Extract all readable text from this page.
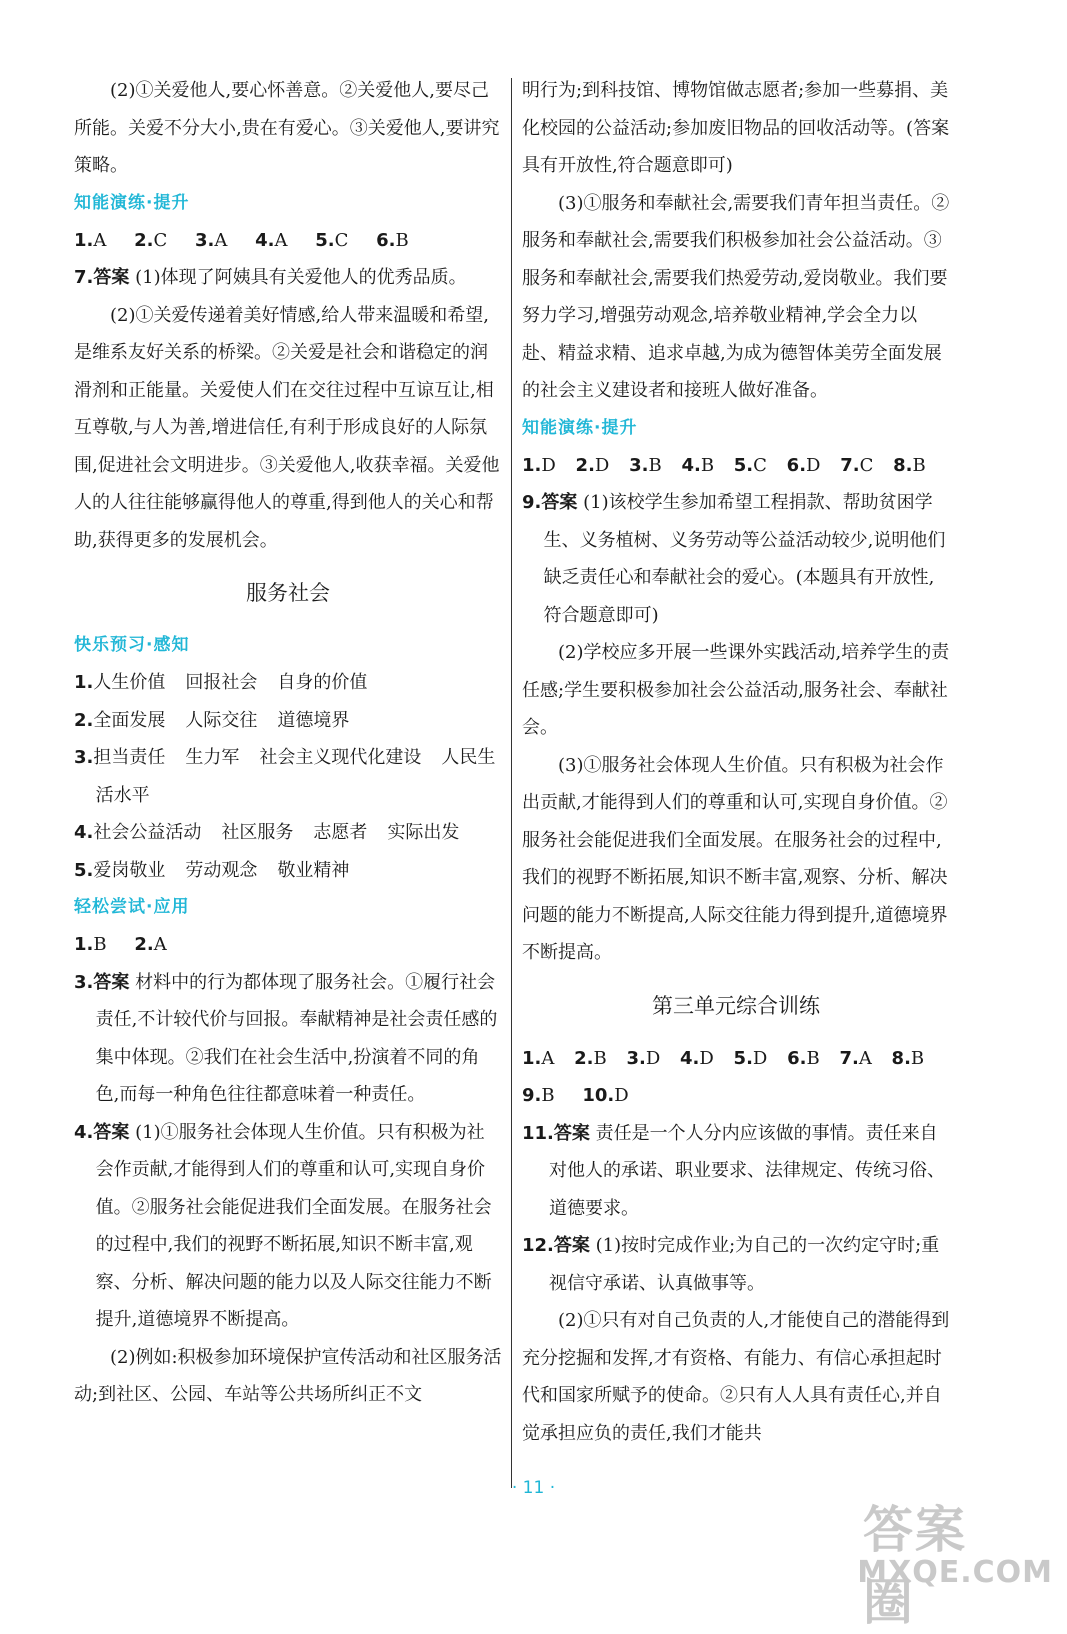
(2)①关爱他人,要心怀善意。②关爱他人,要尽己所能。关爱不分大小,贵在有爱心。③关爱他人,要讲究策略。

知能演练·提升

1.A 2.C 3.A 4.A 5.C 6.B

7.答案 (1)体现了阿姨具有关爱他人的优秀品质。

(2)①关爱传递着美好情感,给人带来温暖和希望,是维系友好关系的桥梁。②关爱是社会和谐稳定的润滑剂和正能量。关爱使人们在交往过程中互谅互让,相互尊敬,与人为善,增进信任,有利于形成良好的人际氛围,促进社会文明进步。③关爱他人,收获幸福。关爱他人的人往往能够赢得他人的尊重,得到他人的关心和帮助,获得更多的发展机会。

服务社会

快乐预习·感知

1.人生价值 回报社会 自身的价值

2.全面发展 人际交往 道德境界

3.担当责任 生力军 社会主义现代化建设 人民生活水平

4.社会公益活动 社区服务 志愿者 实际出发

5.爱岗敬业 劳动观念 敬业精神

轻松尝试·应用

1.B 2.A

3.答案 材料中的行为都体现了服务社会。①履行社会责任,不计较代价与回报。奉献精神是社会责任感的集中体现。②我们在社会生活中,扮演着不同的角色,而每一种角色往往都意味着一种责任。

4.答案 (1)①服务社会体现人生价值。只有积极为社会作贡献,才能得到人们的尊重和认可,实现自身价值。②服务社会能促进我们全面发展。在服务社会的过程中,我们的视野不断拓展,知识不断丰富,观察、分析、解决问题的能力以及人际交往能力不断提升,道德境界不断提高。

(2)例如:积极参加环境保护宣传活动和社区服务活动;到社区、公园、车站等公共场所纠正不文

明行为;到科技馆、博物馆做志愿者;参加一些募捐、美化校园的公益活动;参加废旧物品的回收活动等。(答案具有开放性,符合题意即可)

(3)①服务和奉献社会,需要我们青年担当责任。②服务和奉献社会,需要我们积极参加社会公益活动。③服务和奉献社会,需要我们热爱劳动,爱岗敬业。我们要努力学习,增强劳动观念,培养敬业精神,学会全力以赴、精益求精、追求卓越,为成为德智体美劳全面发展的社会主义建设者和接班人做好准备。

知能演练·提升

1.D 2.D 3.B 4.B 5.C 6.D 7.C 8.B

9.答案 (1)该校学生参加希望工程捐款、帮助贫困学生、义务植树、义务劳动等公益活动较少,说明他们缺乏责任心和奉献社会的爱心。(本题具有开放性,符合题意即可)

(2)学校应多开展一些课外实践活动,培养学生的责任感;学生要积极参加社会公益活动,服务社会、奉献社会。

(3)①服务社会体现人生价值。只有积极为社会作出贡献,才能得到人们的尊重和认可,实现自身价值。②服务社会能促进我们全面发展。在服务社会的过程中,我们的视野不断拓展,知识不断丰富,观察、分析、解决问题的能力不断提高,人际交往能力得到提升,道德境界不断提高。

第三单元综合训练

1.A 2.B 3.D 4.D 5.D 6.B 7.A 8.B

9.B 10.D

11.答案 责任是一个人分内应该做的事情。责任来自对他人的承诺、职业要求、法律规定、传统习俗、道德要求。

12.答案 (1)按时完成作业;为自己的一次约定守时;重视信守承诺、认真做事等。

(2)①只有对自己负责的人,才能使自己的潜能得到充分挖掘和发挥,才有资格、有能力、有信心承担起时代和国家所赋予的使命。②只有人人具有责任心,并自觉承担应负的责任,我们才能共

· 11 ·
答案圈
MXQE.COM
